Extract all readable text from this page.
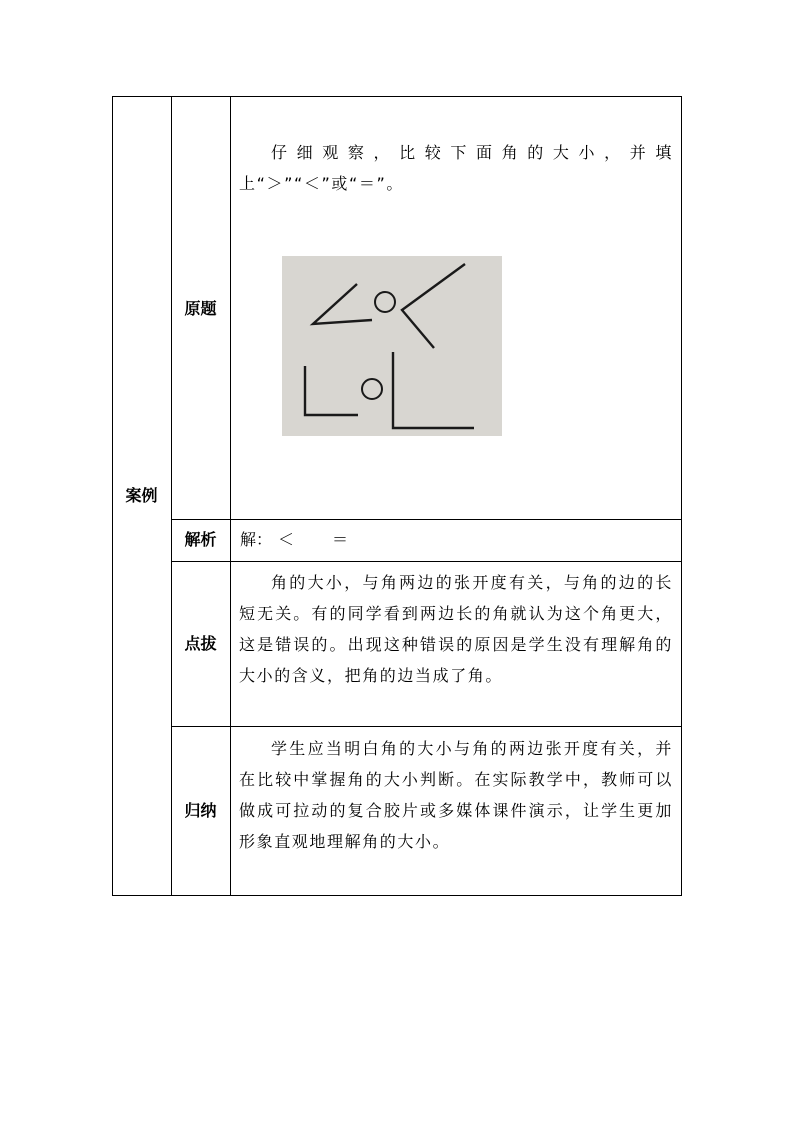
案例
原题
解析
点拔
归纳
仔细观察，比较下面角的大小，并填上“＞”“＜”或“＝”。
解： ＜ ＝
角的大小，与角两边的张开度有关，与角的边的长短无关。有的同学看到两边长的角就认为这个角更大，这是错误的。出现这种错误的原因是学生没有理解角的大小的含义，把角的边当成了角。
学生应当明白角的大小与角的两边张开度有关，并在比较中掌握角的大小判断。在实际教学中，教师可以做成可拉动的复合胶片或多媒体课件演示，让学生更加形象直观地理解角的大小。
